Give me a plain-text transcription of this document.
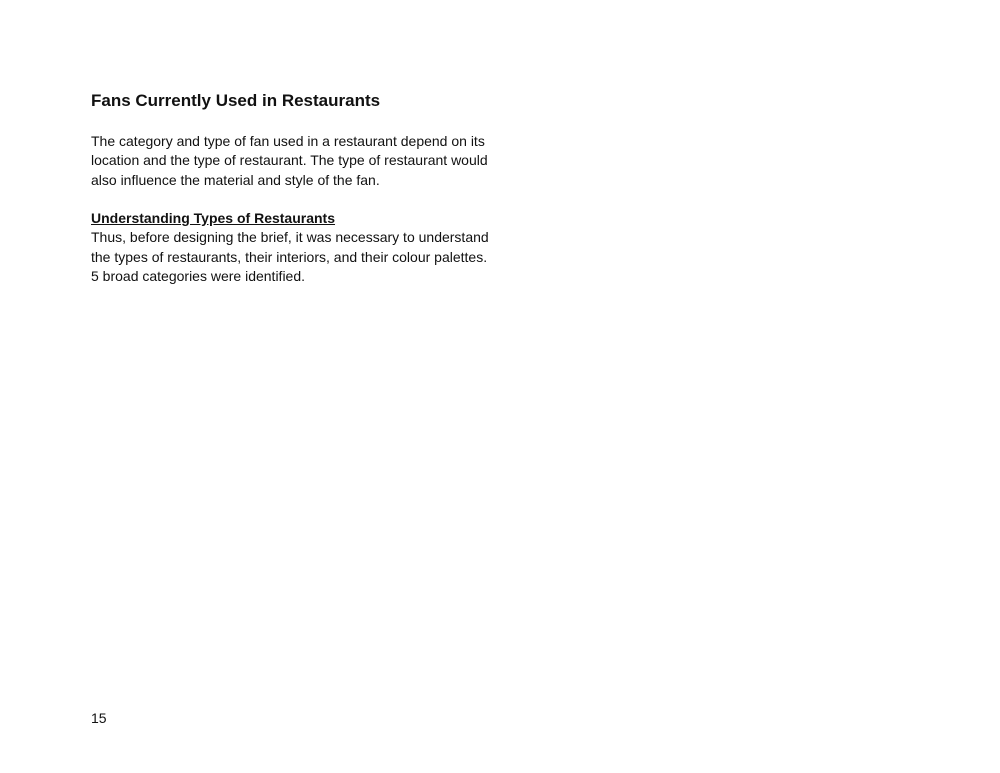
Fans Currently Used in Restaurants

The category and type of fan used in a restaurant depend on its location and the type of restaurant. The type of restaurant would also influence the material and style of the fan.

Understanding Types of Restaurants

Thus, before designing the brief, it was necessary to understand the types of restaurants, their interiors, and their colour palettes. 5 broad categories were identified.

15
